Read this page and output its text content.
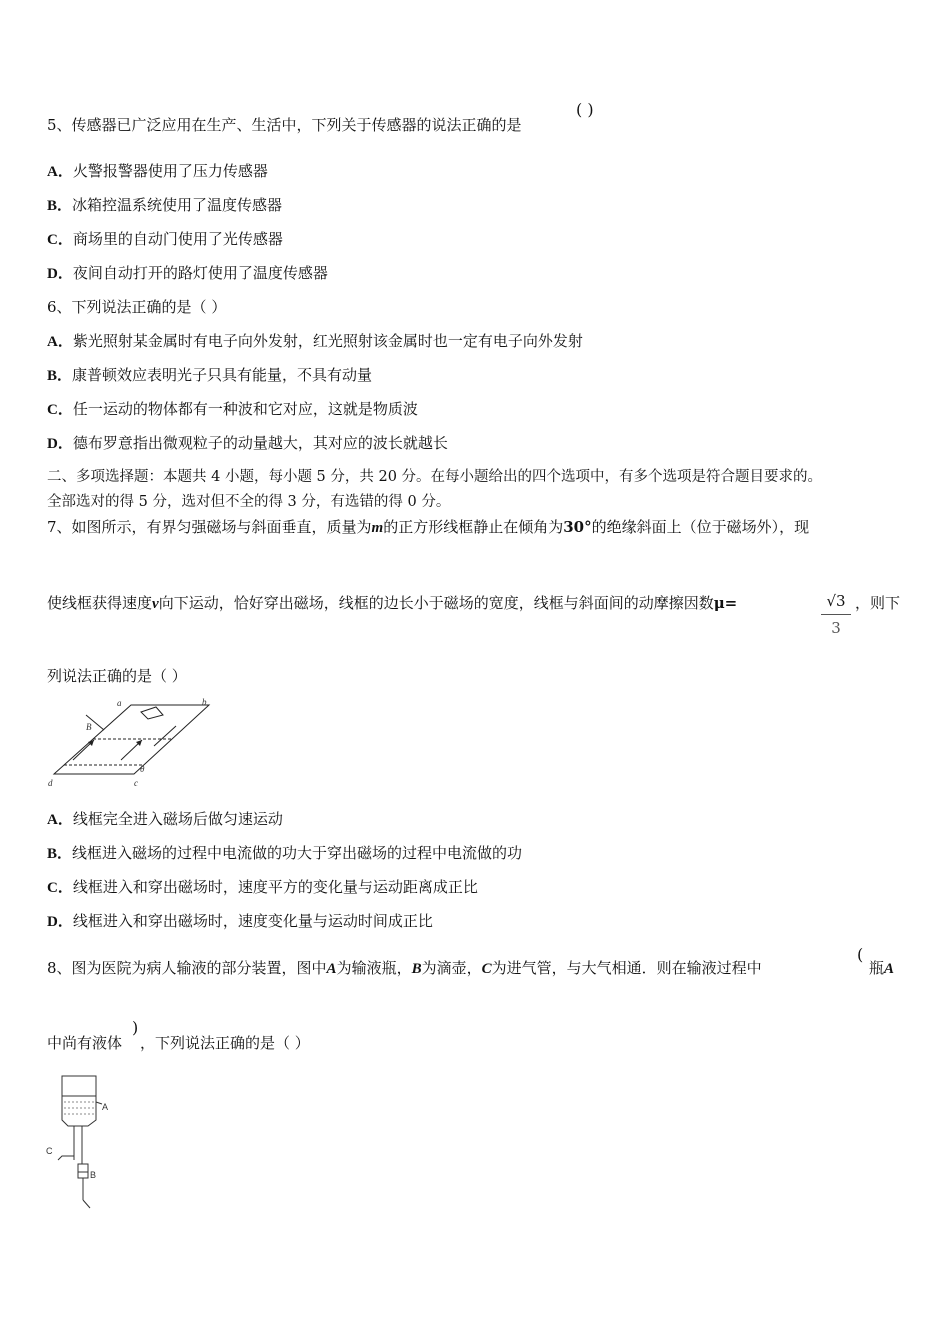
5、传感器已广泛应用在生产、生活中，下列关于传感器的说法正确的是
( )
A．火警报警器使用了压力传感器
B．冰箱控温系统使用了温度传感器
C．商场里的自动门使用了光传感器
D．夜间自动打开的路灯使用了温度传感器
6、下列说法正确的是（ ）
A．紫光照射某金属时有电子向外发射，红光照射该金属时也一定有电子向外发射
B．康普顿效应表明光子只具有能量，不具有动量
C．任一运动的物体都有一种波和它对应，这就是物质波
D．德布罗意指出微观粒子的动量越大，其对应的波长就越长
二、多项选择题：本题共 4 小题，每小题 5 分，共 20 分。在每小题给出的四个选项中，有多个选项是符合题目要求的。
全部选对的得 5 分，选对但不全的得 3 分，有选错的得 0 分。
7、如图所示，有界匀强磁场与斜面垂直，质量为m的正方形线框静止在倾角为30°的绝缘斜面上（位于磁场外），现
使线框获得速度v向下运动，恰好穿出磁场，线框的边长小于磁场的宽度，线框与斜面间的动摩擦因数μ=	√3
3
，则下
列说法正确的是（ ）
a	b
c
d
B
θ
A．线框完全进入磁场后做匀速运动
B．线框进入磁场的过程中电流做的功大于穿出磁场的过程中电流做的功
C．线框进入和穿出磁场时，速度平方的变化量与运动距离成正比
D．线框进入和穿出磁场时，速度变化量与运动时间成正比
8、图为医院为病人输液的部分装置，图中A为输液瓶，B为滴壶，C为进气管，与大气相通．则在输液过程中
(
瓶A
中尚有液体
)
，下列说法正确的是（ ）
A
C
B
